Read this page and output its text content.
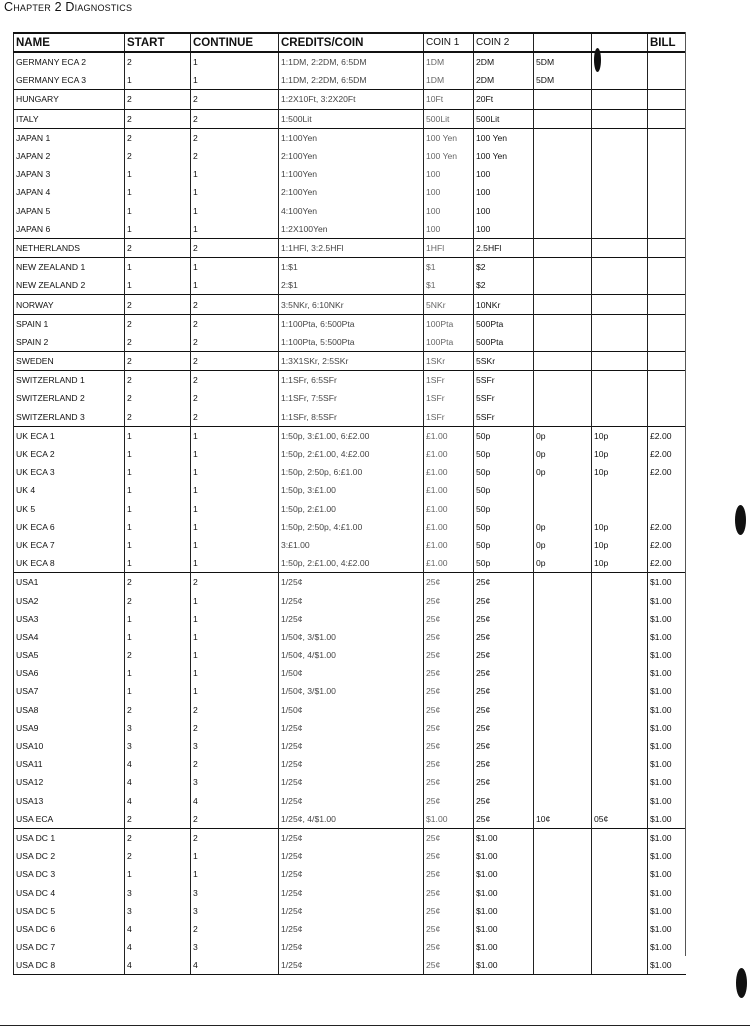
Chapter 2 Diagnostics
NAME	START	CONTINUE	CREDITS/COIN	COIN 1	COIN 2			BILL
GERMANY ECA 2	2	1	1:1DM, 2:2DM, 6:5DM	1DM	2DM	5DM		
GERMANY ECA 3	1	1	1:1DM, 2:2DM, 6:5DM	1DM	2DM	5DM		
HUNGARY	2	2	1:2X10Ft, 3:2X20Ft	10Ft	20Ft			
ITALY	2	2	1:500Lit	500Lit	500Lit			
JAPAN 1	2	2	1:100Yen	100 Yen	100 Yen			
JAPAN 2	2	2	2:100Yen	100 Yen	100 Yen			
JAPAN 3	1	1	1:100Yen	100	100			
JAPAN 4	1	1	2:100Yen	100	100			
JAPAN 5	1	1	4:100Yen	100	100			
JAPAN 6	1	1	1:2X100Yen	100	100			
NETHERLANDS	2	2	1:1HFl, 3:2.5HFl	1HFl	2.5HFl			
NEW ZEALAND 1	1	1	1:$1	$1	$2			
NEW ZEALAND 2	1	1	2:$1	$1	$2			
NORWAY	2	2	3:5NKr, 6:10NKr	5NKr	10NKr			
SPAIN 1	2	2	1:100Pta, 6:500Pta	100Pta	500Pta			
SPAIN 2	2	2	1:100Pta, 5:500Pta	100Pta	500Pta			
SWEDEN	2	2	1:3X1SKr, 2:5SKr	1SKr	5SKr			
SWITZERLAND 1	2	2	1:1SFr, 6:5SFr	1SFr	5SFr			
SWITZERLAND 2	2	2	1:1SFr, 7:5SFr	1SFr	5SFr			
SWITZERLAND 3	2	2	1:1SFr, 8:5SFr	1SFr	5SFr			
UK ECA 1	1	1	1:50p, 3:£1.00, 6:£2.00	£1.00	50p	0p	10p	£2.00
UK ECA 2	1	1	1:50p, 2:£1.00, 4:£2.00	£1.00	50p	0p	10p	£2.00
UK ECA 3	1	1	1:50p, 2:50p, 6:£1.00	£1.00	50p	0p	10p	£2.00
UK 4	1	1	1:50p, 3:£1.00	£1.00	50p			
UK 5	1	1	1:50p, 2:£1.00	£1.00	50p			
UK ECA 6	1	1	1:50p, 2:50p, 4:£1.00	£1.00	50p	0p	10p	£2.00
UK ECA 7	1	1	3:£1.00	£1.00	50p	0p	10p	£2.00
UK ECA 8	1	1	1:50p, 2:£1.00, 4:£2.00	£1.00	50p	0p	10p	£2.00
USA1	2	2	1/25¢	25¢	25¢			$1.00
USA2	2	1	1/25¢	25¢	25¢			$1.00
USA3	1	1	1/25¢	25¢	25¢			$1.00
USA4	1	1	1/50¢, 3/$1.00	25¢	25¢			$1.00
USA5	2	1	1/50¢, 4/$1.00	25¢	25¢			$1.00
USA6	1	1	1/50¢	25¢	25¢			$1.00
USA7	1	1	1/50¢, 3/$1.00	25¢	25¢			$1.00
USA8	2	2	1/50¢	25¢	25¢			$1.00
USA9	3	2	1/25¢	25¢	25¢			$1.00
USA10	3	3	1/25¢	25¢	25¢			$1.00
USA11	4	2	1/25¢	25¢	25¢			$1.00
USA12	4	3	1/25¢	25¢	25¢			$1.00
USA13	4	4	1/25¢	25¢	25¢			$1.00
USA ECA	2	2	1/25¢, 4/$1.00	$1.00	25¢	10¢	05¢	$1.00
USA DC 1	2	2	1/25¢	25¢	$1.00			$1.00
USA DC 2	2	1	1/25¢	25¢	$1.00			$1.00
USA DC 3	1	1	1/25¢	25¢	$1.00			$1.00
USA DC 4	3	3	1/25¢	25¢	$1.00			$1.00
USA DC 5	3	3	1/25¢	25¢	$1.00			$1.00
USA DC 6	4	2	1/25¢	25¢	$1.00			$1.00
USA DC 7	4	3	1/25¢	25¢	$1.00			$1.00
USA DC 8	4	4	1/25¢	25¢	$1.00			$1.00
